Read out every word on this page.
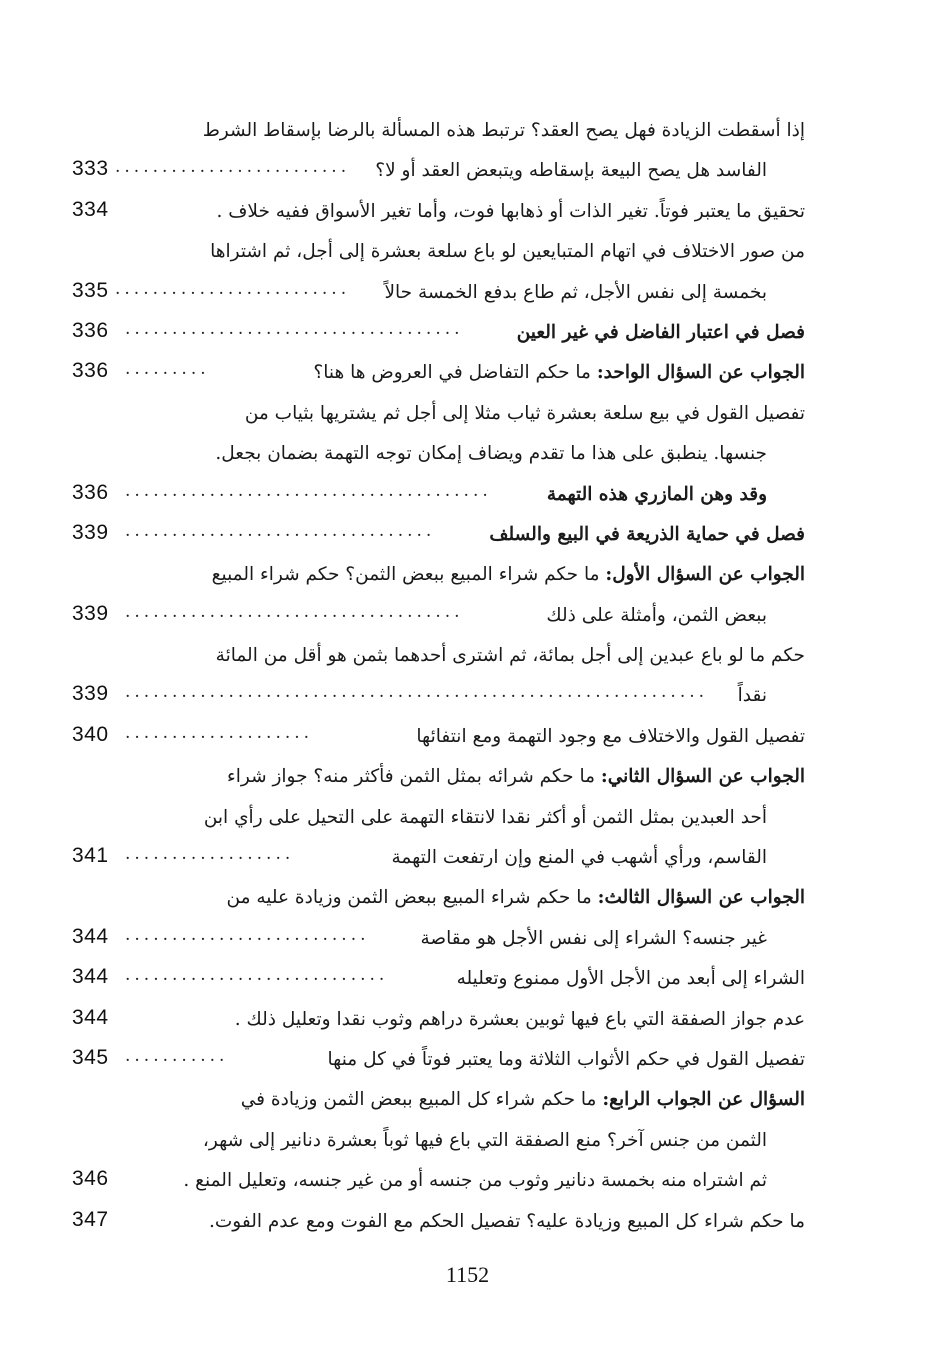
إذا أسقطت الزيادة فهل يصح العقد؟ ترتبط هذه المسألة بالرضا بإسقاط الشرط
333 ......................... الفاسد هل يصح البيعة بإسقاطه ويتبعض العقد أو لا؟
334	تحقيق ما يعتبر فوتاً. تغير الذات أو ذهابها فوت، وأما تغير الأسواق ففيه خلاف .
من صور الاختلاف في اتهام المتبايعين لو باع سلعة بعشرة إلى أجل، ثم اشتراها
335 ......................... بخمسة إلى نفس الأجل، ثم طاع بدفع الخمسة حالاً
336 ....................................	فصل في اعتبار الفاضل في غير العين
336 .........	الجواب عن السؤال الواحد: ما حكم التفاضل في العروض ها هنا؟
تفصيل القول في بيع سلعة بعشرة ثياب مثلا إلى أجل ثم يشتريها بثياب من
جنسها. ينطبق على هذا ما تقدم ويضاف إمكان توجه التهمة بضمان بجعل.
336 .......................................	وقد وهن المازري هذه التهمة
339 .................................	فصل في حماية الذريعة في البيع والسلف
الجواب عن السؤال الأول: ما حكم شراء المبيع ببعض الثمن؟ حكم شراء المبيع
339 ....................................	ببعض الثمن، وأمثلة على ذلك
حكم ما لو باع عبدين إلى أجل بمائة، ثم اشترى أحدهما بثمن هو أقل من المائة
339 .............................................................. نقداً
340 ....................	تفصيل القول والاختلاف مع وجود التهمة ومع انتفائها
الجواب عن السؤال الثاني: ما حكم شرائه بمثل الثمن فأكثر منه؟ جواز شراء
أحد العبدين بمثل الثمن أو أكثر نقدا لانتقاء التهمة على التحيل على رأي ابن
341 ..................	القاسم، ورأي أشهب في المنع وإن ارتفعت التهمة
الجواب عن السؤال الثالث: ما حكم شراء المبيع ببعض الثمن وزيادة عليه من
344 ..........................	غير جنسه؟ الشراء إلى نفس الأجل هو مقاصة
344 ............................	الشراء إلى أبعد من الأجل الأول ممنوع وتعليله
344	عدم جواز الصفقة التي باع فيها ثوبين بعشرة دراهم وثوب نقدا وتعليل ذلك .
345 ...........	تفصيل القول في حكم الأثواب الثلاثة وما يعتبر فوتاً في كل منها
السؤال عن الجواب الرابع: ما حكم شراء كل المبيع ببعض الثمن وزيادة في
الثمن من جنس آخر؟ منع الصفقة التي باع فيها ثوباً بعشرة دنانير إلى شهر،
346	ثم اشتراه منه بخمسة دنانير وثوب من جنسه أو من غير جنسه، وتعليل المنع .
347	ما حكم شراء كل المبيع وزيادة عليه؟ تفصيل الحكم مع الفوت ومع عدم الفوت.
1152
